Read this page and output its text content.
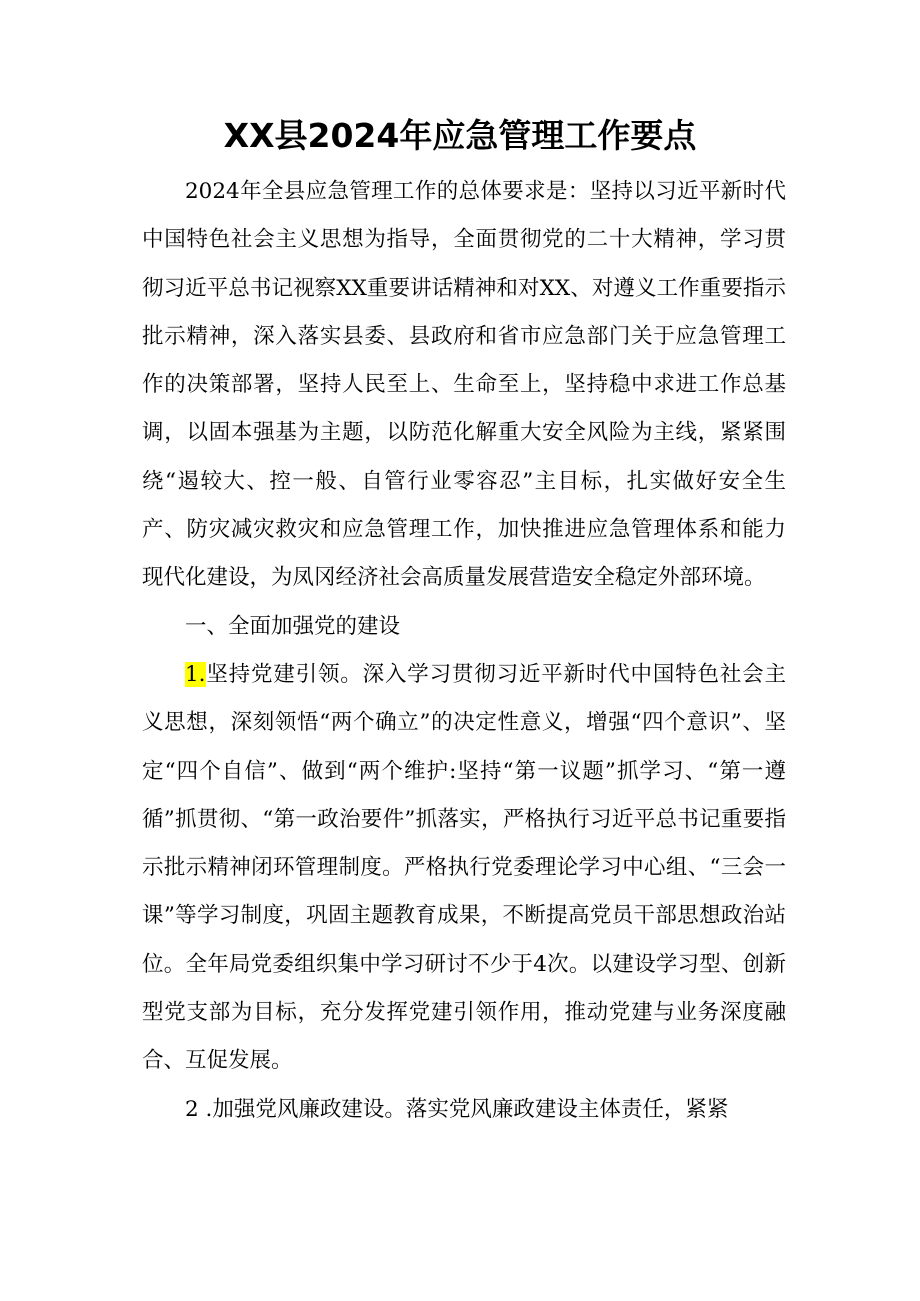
XX县2024年应急管理工作要点

2024年全县应急管理工作的总体要求是：坚持以习近平新时代中国特色社会主义思想为指导，全面贯彻党的二十大精神，学习贯彻习近平总书记视察XX重要讲话精神和对XX、对遵义工作重要指示批示精神，深入落实县委、县政府和省市应急部门关于应急管理工作的决策部署，坚持人民至上、生命至上，坚持稳中求进工作总基调，以固本强基为主题，以防范化解重大安全风险为主线，紧紧围绕“遏较大、控一般、自管行业零容忍”主目标，扎实做好安全生产、防灾减灾救灾和应急管理工作，加快推进应急管理体系和能力现代化建设，为凤冈经济社会高质量发展营造安全稳定外部环境。

一、全面加强党的建设

1.坚持党建引领。深入学习贯彻习近平新时代中国特色社会主义思想，深刻领悟“两个确立”的决定性意义，增强“四个意识”、坚定“四个自信”、做到“两个维护:坚持“第一议题”抓学习、“第一遵循”抓贯彻、“第一政治要件”抓落实，严格执行习近平总书记重要指示批示精神闭环管理制度。严格执行党委理论学习中心组、“三会一课”等学习制度，巩固主题教育成果，不断提高党员干部思想政治站位。全年局党委组织集中学习研讨不少于4次。以建设学习型、创新型党支部为目标，充分发挥党建引领作用，推动党建与业务深度融合、互促发展。

2 .加强党风廉政建设。落实党风廉政建设主体责任，紧紧
